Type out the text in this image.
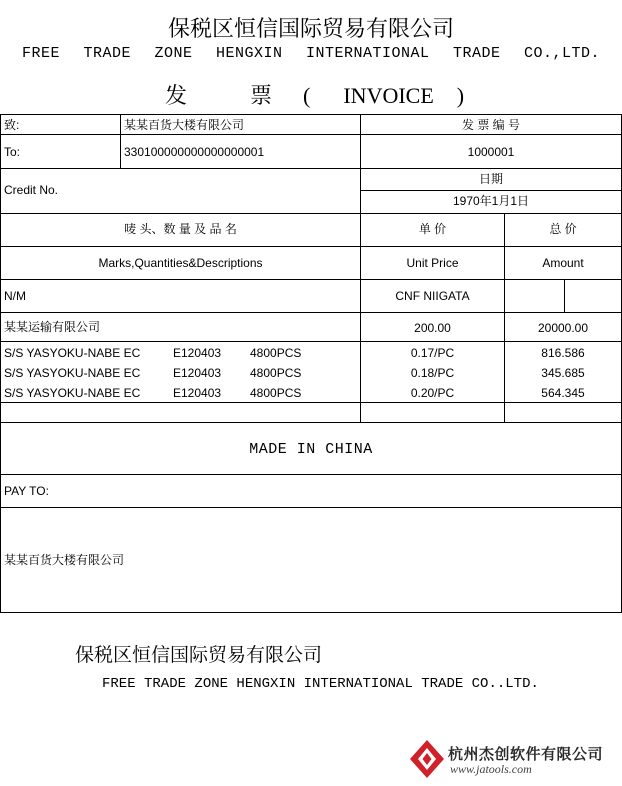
保税区恒信国际贸易有限公司
FREE TRADE ZONE HENGXIN INTERNATIONAL TRADE CO.,LTD.
发	票 ( INVOICE )
致:	某某百货大楼有限公司	发 票 编 号
To:	330100000000000000001	1000001
Credit No.
日期
1970年1月1日
唛 头、数 量 及 品 名	单 价	总 价
Marks,Quantities&Descriptions	Unit Price	Amount
N/M	CNF NIIGATA
某某运输有限公司	200.00	20000.00
S/S YASYOKU-NABE EC	E120403 4800PCS	0.17/PC	816.586
S/S YASYOKU-NABE EC	E120403 4800PCS	0.18/PC	345.685
S/S YASYOKU-NABE EC	E120403 4800PCS	0.20/PC	564.345
PAY TO:
某某百货大楼有限公司
MADE IN CHINA
保税区恒信国际贸易有限公司
FREE TRADE ZONE HENGXIN INTERNATIONAL TRADE CO..LTD.
杭州杰创软件有限公司
www.jatools.com
